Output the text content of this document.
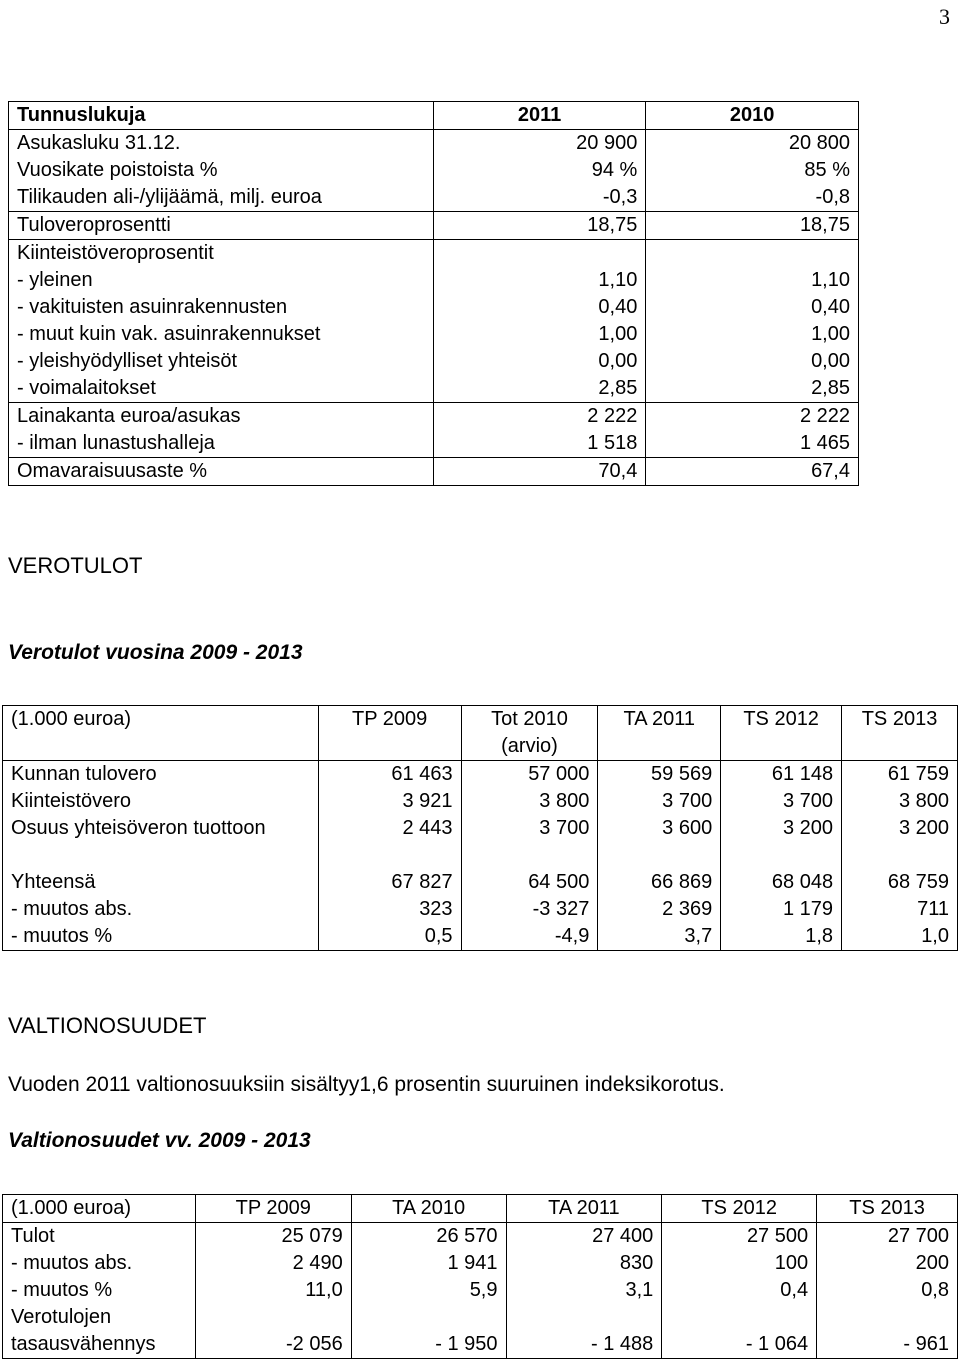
3
Tunnuslukuja	2011	2010
Asukasluku 31.12.	20 900	20 800
Vuosikate poistoista %	94 %	85 %
Tilikauden ali-/ylijäämä, milj. euroa	-0,3	-0,8
Tuloveroprosentti	18,75	18,75
Kiinteistöveroprosentit		
- yleinen	1,10	1,10
- vakituisten asuinrakennusten	0,40	0,40
- muut kuin vak. asuinrakennukset	1,00	1,00
- yleishyödylliset yhteisöt	0,00	0,00
- voimalaitokset	2,85	2,85
Lainakanta euroa/asukas	2 222	2 222
- ilman lunastushalleja	1 518	1 465
Omavaraisuusaste %	70,4	67,4
VEROTULOT
Verotulot vuosina 2009 - 2013
(1.000 euroa)	TP 2009	Tot 2010	TA 2011	TS 2012	TS 2013
		(arvio)			
Kunnan tulovero	61 463	57 000	59 569	61 148	61 759
Kiinteistövero	3 921	3 800	3 700	3 700	3 800
Osuus yhteisöveron tuottoon	2 443	3 700	3 600	3 200	3 200

Yhteensä	67 827	64 500	66 869	68 048	68 759
- muutos abs.	323	-3 327	2 369	1 179	711
- muutos %	0,5	-4,9	3,7	1,8	1,0
VALTIONOSUUDET
Vuoden 2011 valtionosuuksiin sisältyy1,6 prosentin suuruinen indeksikorotus.
Valtionosuudet vv. 2009 - 2013
(1.000 euroa)	TP 2009	TA 2010	TA 2011	TS 2012	TS 2013
Tulot	25 079	26 570	27 400	27 500	27 700
- muutos abs.	2 490	1 941	830	100	200
- muutos %	11,0	5,9	3,1	0,4	0,8
Verotulojen					
tasausvähennys	-2 056	- 1 950	- 1 488	- 1 064	- 961
